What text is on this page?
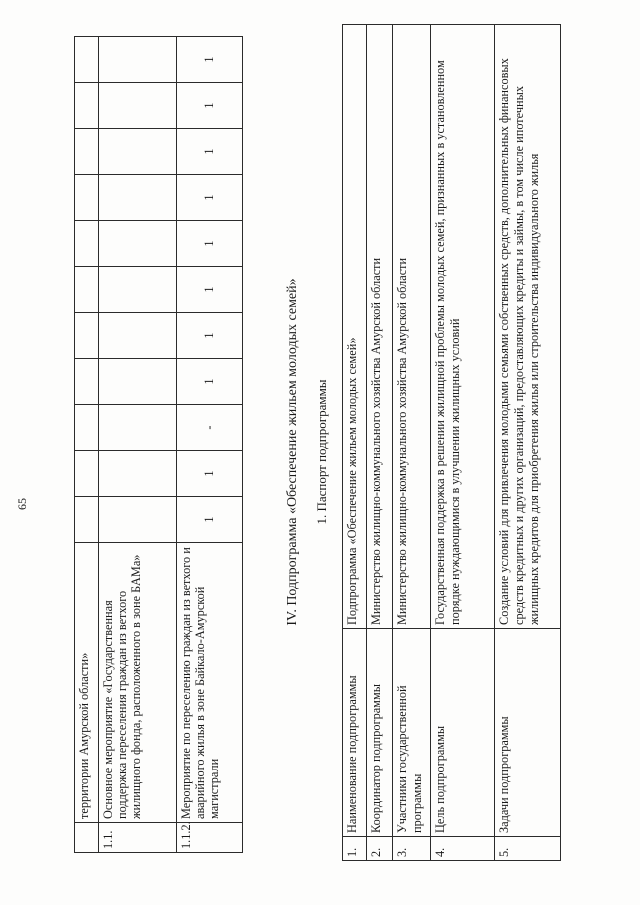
65
	территории Амурской области»											
1.1.	Основное мероприятие «Государственная поддержка переселения граждан из ветхого жилищного фонда, расположенного в зоне БАМа»											
1.1.2.	Мероприятие по переселению граждан из ветхого и аварийного жилья в зоне Байкало-Амурской магистрали	1	1	-	1	1	1	1	1	1	1	1
IV. Подпрограмма «Обеспечение жильем молодых семей» 1. Паспорт подпрограммы
1.	Наименование подпрограммы	Подпрограмма «Обеспечение жильем молодых семей»
2.	Координатор подпрограммы	Министерство жилищно-коммунального хозяйства Амурской области
3.	Участники государственной программы	Министерство жилищно-коммунального хозяйства Амурской области
4.	Цель подпрограммы	Государственная поддержка в решении жилищной проблемы молодых семей, признанных в установленном порядке нуждающимися в улучшении жилищных условий
5.	Задачи подпрограммы	Создание условий для привлечения молодыми семьями собственных средств, дополнительных финансовых средств кредитных и других организаций, предоставляющих кредиты и займы, в том числе ипотечных жилищных кредитов для приобретения жилья или строительства индивидуального жилья
